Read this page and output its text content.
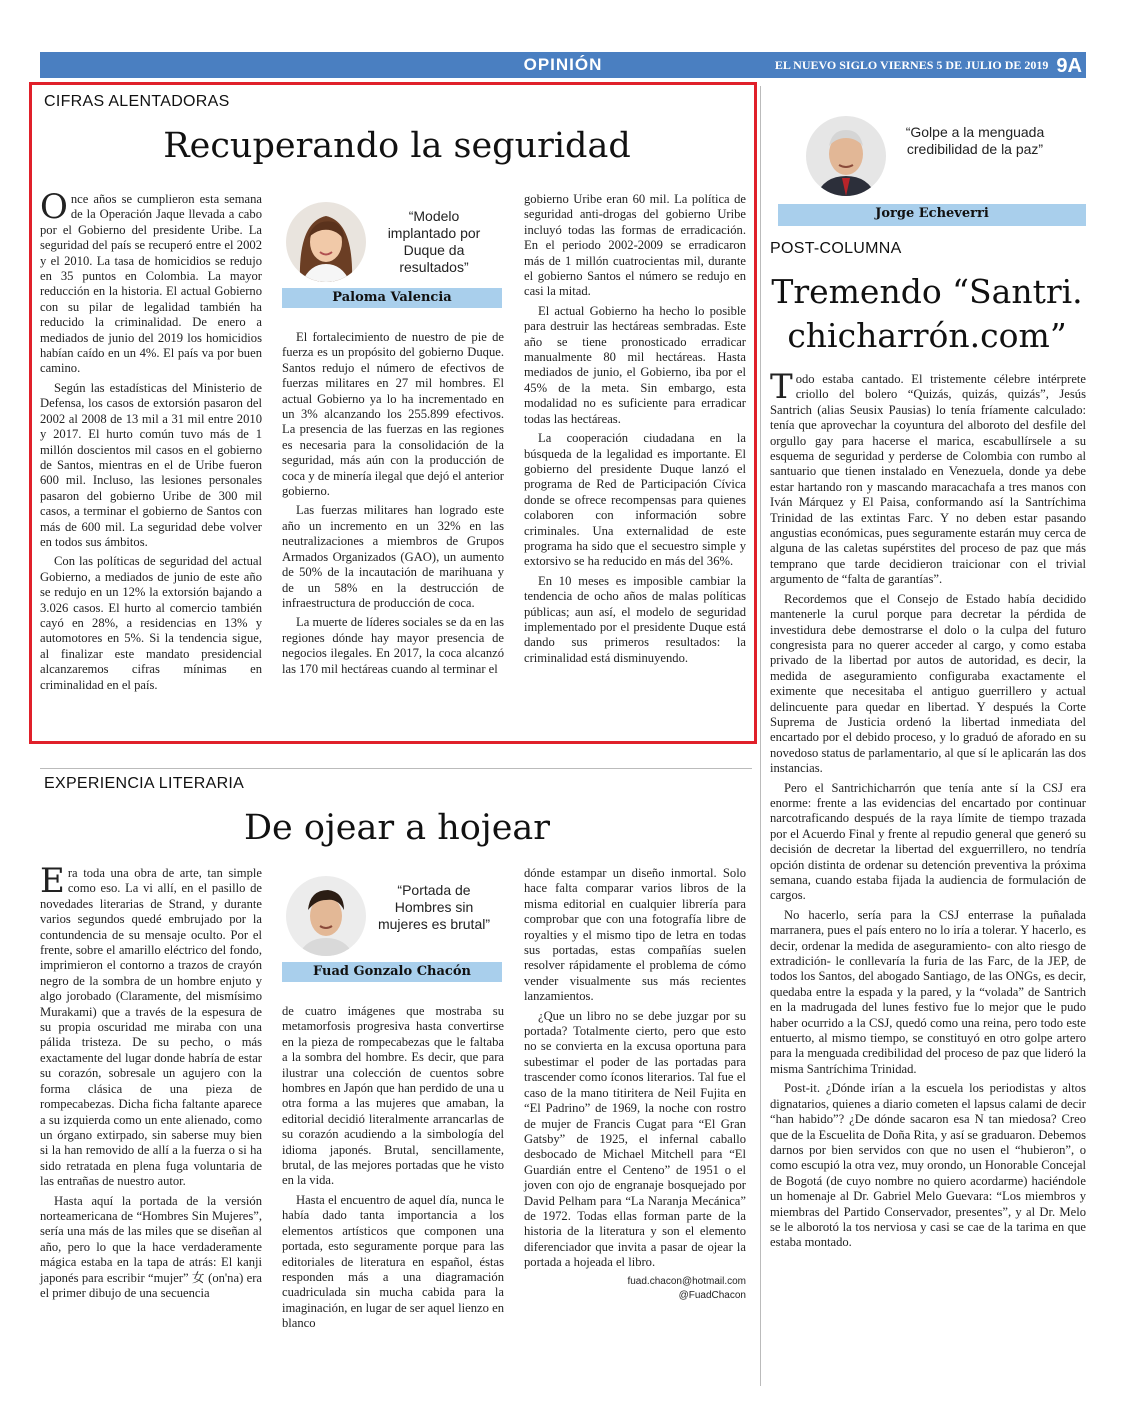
OPINIÓN	EL NUEVO SIGLO VIERNES 5 DE JULIO DE 2019 9A
CIFRAS ALENTADORAS
Recuperando la seguridad

Once años se cumplieron esta semana de la Operación Jaque llevada a cabo por el Gobierno del presidente Uribe. La seguridad del país se recuperó entre el 2002 y el 2010. La tasa de homicidios se redujo en 35 puntos en Colombia. La mayor reducción en la historia. El actual Gobierno con su pilar de legalidad también ha reducido la criminalidad. De enero a mediados de junio del 2019 los homicidios habían caído en un 4%. El país va por buen camino.

Según las estadísticas del Ministerio de Defensa, los casos de extorsión pasaron del 2002 al 2008 de 13 mil a 31 mil entre 2010 y 2017. El hurto común tuvo más de 1 millón doscientos mil casos en el gobierno de Santos, mientras en el de Uribe fueron 600 mil. Incluso, las lesiones personales pasaron del gobierno Uribe de 300 mil casos, a terminar el gobierno de Santos con más de 600 mil. La seguridad debe volver en todos sus ámbitos.

Con las políticas de seguridad del actual Gobierno, a mediados de junio de este año se redujo en un 12% la extorsión bajando a 3.026 casos. El hurto al comercio también cayó en 28%, a residencias en 13% y automotores en 5%. Si la tendencia sigue, al finalizar este mandato presidencial alcanzaremos cifras mínimas en criminalidad en el país.

“Modelo implantado por Duque da resultados”
Paloma Valencia

El fortalecimiento de nuestro de pie de fuerza es un propósito del gobierno Duque. Santos redujo el número de efectivos de fuerzas militares en 27 mil hombres. El actual Gobierno ya lo ha incrementado en un 3% alcanzando los 255.899 efectivos. La presencia de las fuerzas en las regiones es necesaria para la consolidación de la seguridad, más aún con la producción de coca y de minería ilegal que dejó el anterior gobierno.

Las fuerzas militares han logrado este año un incremento en un 32% en las neutralizaciones a miembros de Grupos Armados Organizados (GAO), un aumento de 50% de la incautación de marihuana y de un 58% en la destrucción de infraestructura de producción de coca.

La muerte de líderes sociales se da en las regiones dónde hay mayor presencia de negocios ilegales. En 2017, la coca alcanzó las 170 mil hectáreas cuando al terminar el

gobierno Uribe eran 60 mil. La política de seguridad anti-drogas del gobierno Uribe incluyó todas las formas de erradicación. En el periodo 2002-2009 se erradicaron más de 1 millón cuatrocientas mil, durante el gobierno Santos el número se redujo en casi la mitad.

El actual Gobierno ha hecho lo posible para destruir las hectáreas sembradas. Este año se tiene pronosticado erradicar manualmente 80 mil hectáreas. Hasta mediados de junio, el Gobierno, iba por el 45% de la meta. Sin embargo, esta modalidad no es suficiente para erradicar todas las hectáreas.

La cooperación ciudadana en la búsqueda de la legalidad es importante. El gobierno del presidente Duque lanzó el programa de Red de Participación Cívica donde se ofrece recompensas para quienes colaboren con información sobre criminales. Una externalidad de este programa ha sido que el secuestro simple y extorsivo se ha reducido en más del 36%.

En 10 meses es imposible cambiar la tendencia de ocho años de malas políticas públicas; aun así, el modelo de seguridad implementado por el presidente Duque está dando sus primeros resultados: la criminalidad está disminuyendo.

EXPERIENCIA LITERARIA
De ojear a hojear

Era toda una obra de arte, tan simple como eso. La vi allí, en el pasillo de novedades literarias de Strand, y durante varios segundos quedé embrujado por la contundencia de su mensaje oculto. Por el frente, sobre el amarillo eléctrico del fondo, imprimieron el contorno a trazos de crayón negro de la sombra de un hombre enjuto y algo jorobado (Claramente, del mismísimo Murakami) que a través de la espesura de su propia oscuridad me miraba con una pálida tristeza. De su pecho, o más exactamente del lugar donde habría de estar su corazón, sobresale un agujero con la forma clásica de una pieza de rompecabezas. Dicha ficha faltante aparece a su izquierda como un ente alienado, como un órgano extirpado, sin saberse muy bien si la han removido de allí a la fuerza o si ha sido retratada en plena fuga voluntaria de las entrañas de nuestro autor.

Hasta aquí la portada de la versión norteamericana de “Hombres Sin Mujeres”, sería una más de las miles que se diseñan al año, pero lo que la hace verdaderamente mágica estaba en la tapa de atrás: El kanji japonés para escribir “mujer” 女 (on'na) era el primer dibujo de una secuencia

“Portada de Hombres sin mujeres es brutal”
Fuad Gonzalo Chacón

de cuatro imágenes que mostraba su metamorfosis progresiva hasta convertirse en la pieza de rompecabezas que le faltaba a la sombra del hombre. Es decir, que para ilustrar una colección de cuentos sobre hombres en Japón que han perdido de una u otra forma a las mujeres que amaban, la editorial decidió literalmente arrancarlas de su corazón acudiendo a la simbología del idioma japonés. Brutal, sencillamente, brutal, de las mejores portadas que he visto en la vida.

Hasta el encuentro de aquel día, nunca le había dado tanta importancia a los elementos artísticos que componen una portada, esto seguramente porque para las editoriales de literatura en español, éstas responden más a una diagramación cuadriculada sin mucha cabida para la imaginación, en lugar de ser aquel lienzo en blanco

dónde estampar un diseño inmortal. Solo hace falta comparar varios libros de la misma editorial en cualquier librería para comprobar que con una fotografía libre de royalties y el mismo tipo de letra en todas sus portadas, estas compañías suelen resolver rápidamente el problema de cómo vender visualmente sus más recientes lanzamientos.

¿Que un libro no se debe juzgar por su portada? Totalmente cierto, pero que esto no se convierta en la excusa oportuna para subestimar el poder de las portadas para trascender como íconos literarios. Tal fue el caso de la mano titiritera de Neil Fujita en “El Padrino” de 1969, la noche con rostro de mujer de Francis Cugat para “El Gran Gatsby” de 1925, el infernal caballo desbocado de Michael Mitchell para “El Guardián entre el Centeno” de 1951 o el joven con ojo de engranaje bosquejado por David Pelham para “La Naranja Mecánica” de 1972. Todas ellas forman parte de la historia de la literatura y son el elemento diferenciador que invita a pasar de ojear la portada a hojeada el libro.

fuad.chacon@hotmail.com
@FuadChacon
“Golpe a la menguada credibilidad de la paz”
Jorge Echeverri
POST-COLUMNA
Tremendo “Santri.
chicharrón.com”

Todo estaba cantado. El tristemente célebre intérprete criollo del bolero “Quizás, quizás, quizás”, Jesús Santrich (alias Seusix Pausias) lo tenía fríamente calculado: tenía que aprovechar la coyuntura del alboroto del desfile del orgullo gay para hacerse el marica, escabullírsele a su esquema de seguridad y perderse de Colombia con rumbo al santuario que tienen instalado en Venezuela, donde ya debe estar hartando ron y mascando maracachafa a tres manos con Iván Márquez y El Paisa, conformando así la Santríchima Trinidad de las extintas Farc. Y no deben estar pasando angustias económicas, pues seguramente estarán muy cerca de alguna de las caletas supérstites del proceso de paz que más temprano que tarde decidieron traicionar con el trivial argumento de “falta de garantías”.

Recordemos que el Consejo de Estado había decidido mantenerle la curul porque para decretar la pérdida de investidura debe demostrarse el dolo o la culpa del futuro congresista para no querer acceder al cargo, y como estaba privado de la libertad por autos de autoridad, es decir, la medida de aseguramiento configuraba exactamente el eximente que necesitaba el antiguo guerrillero y actual delincuente para quedar en libertad. Y después la Corte Suprema de Justicia ordenó la libertad inmediata del encartado por el debido proceso, y lo graduó de aforado en su novedoso status de parlamentario, al que sí le aplicarán las dos instancias.

Pero el Santrichicharrón que tenía ante sí la CSJ era enorme: frente a las evidencias del encartado por continuar narcotraficando después de la raya límite de tiempo trazada por el Acuerdo Final y frente al repudio general que generó su decisión de decretar la libertad del exguerrillero, no tendría opción distinta de ordenar su detención preventiva la próxima semana, cuando estaba fijada la audiencia de formulación de cargos.

No hacerlo, sería para la CSJ enterrase la puñalada marranera, pues el país entero no lo iría a tolerar. Y hacerlo, es decir, ordenar la medida de aseguramiento- con alto riesgo de extradición- le conllevaría la furia de las Farc, de la JEP, de todos los Santos, del abogado Santiago, de las ONGs, es decir, quedaba entre la espada y la pared, y la “volada” de Santrich en la madrugada del lunes festivo fue lo mejor que le pudo haber ocurrido a la CSJ, quedó como una reina, pero todo este entuerto, al mismo tiempo, se constituyó en otro golpe artero para la menguada credibilidad del proceso de paz que lideró la misma Santríchima Trinidad.

Post-it. ¿Dónde irían a la escuela los periodistas y altos dignatarios, quienes a diario cometen el lapsus calami de decir “han habido”? ¿De dónde sacaron esa N tan miedosa? Creo que de la Escuelita de Doña Rita, y así se graduaron. Debemos darnos por bien servidos con que no usen el “hubieron”, o como escupió la otra vez, muy orondo, un Honorable Concejal de Bogotá (de cuyo nombre no quiero acordarme) haciéndole un homenaje al Dr. Gabriel Melo Guevara: “Los miembros y miembras del Partido Conservador, presentes”, y al Dr. Melo se le alborotó la tos nerviosa y casi se cae de la tarima en que estaba montado.
